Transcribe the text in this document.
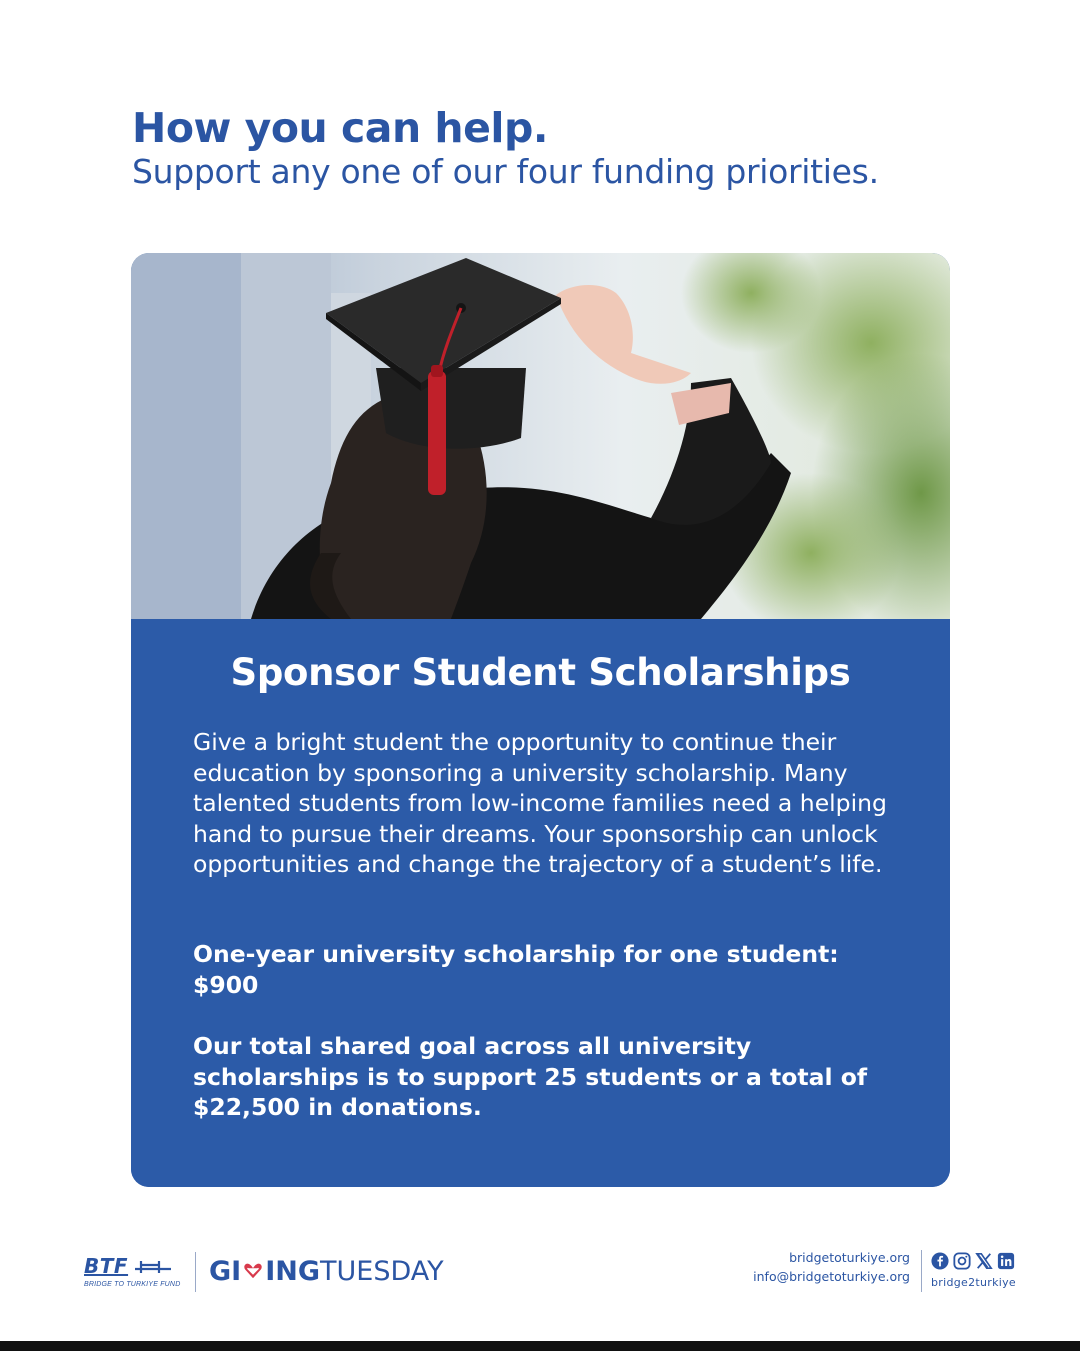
How you can help.
Support any one of our four funding priorities.
Sponsor Student Scholarships

Give a bright student the opportunity to continue their education by sponsoring a university scholarship. Many talented students from low-income families need a helping hand to pursue their dreams. Your sponsorship can unlock opportunities and change the trajectory of a student’s life.

One-year university scholarship for one student:
$900

Our total shared goal across all university scholarships is to support 25 students or a total of $22,500 in donations.

BTF
BRIDGE TO TURKIYE FUND GI INGTUESDAY	bridgetoturkiye.org
info@bridgetoturkiye.org bridge2turkiye
